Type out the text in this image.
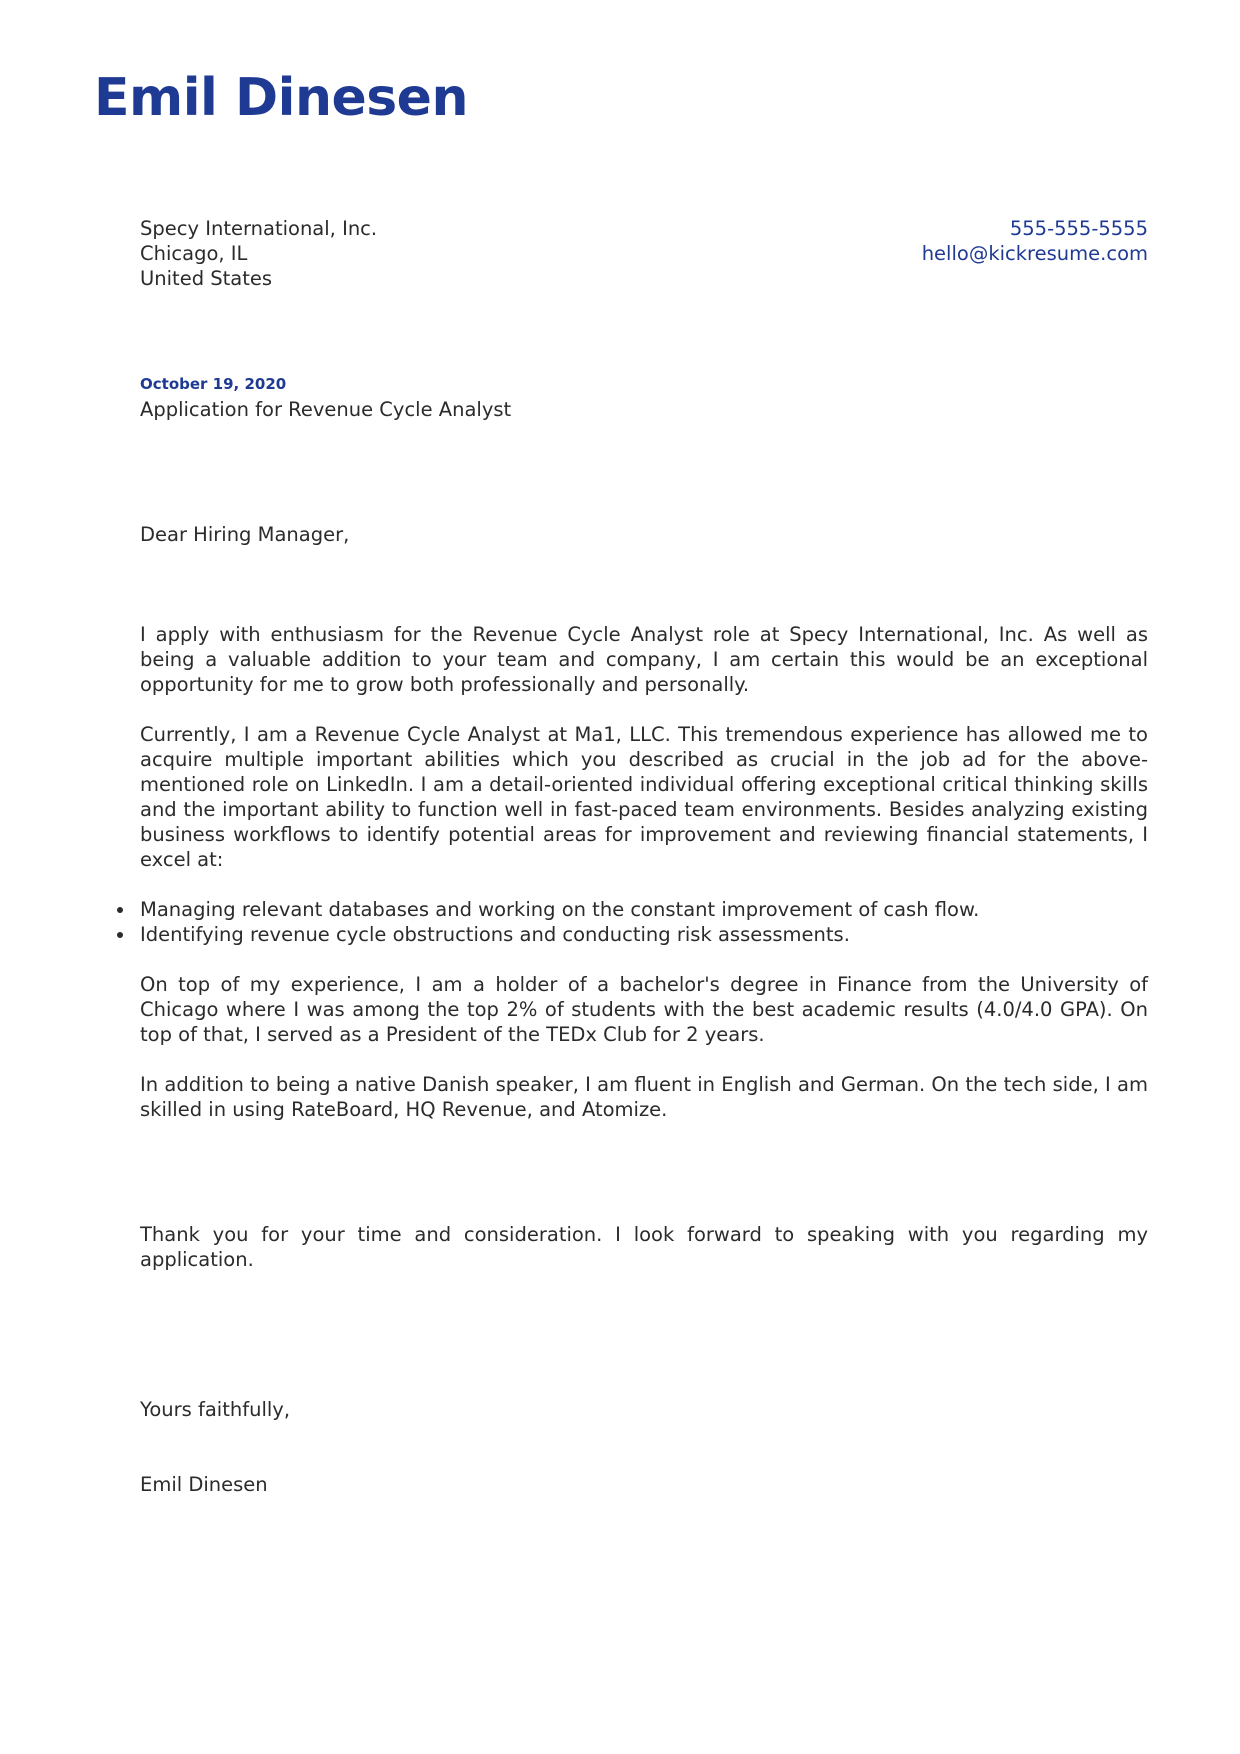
Emil Dinesen
Specy International, Inc.
Chicago, IL
United States
555-555-5555
hello@kickresume.com
October 19, 2020
Application for Revenue Cycle Analyst
Dear Hiring Manager,

I apply with enthusiasm for the Revenue Cycle Analyst role at Specy International, Inc. As well as being a valuable addition to your team and company, I am certain this would be an exceptional opportunity for me to grow both professionally and personally.

Currently, I am a Revenue Cycle Analyst at Ma1, LLC. This tremendous experience has allowed me to acquire multiple important abilities which you described as crucial in the job ad for the above-mentioned role on LinkedIn. I am a detail-oriented individual offering exceptional critical thinking skills and the important ability to function well in fast-paced team environments. Besides analyzing existing business workflows to identify potential areas for improvement and reviewing financial statements, I excel at:

Managing relevant databases and working on the constant improvement of cash flow.
Identifying revenue cycle obstructions and conducting risk assessments.

On top of my experience, I am a holder of a bachelor's degree in Finance from the University of Chicago where I was among the top 2% of students with the best academic results (4.0/4.0 GPA). On top of that, I served as a President of the TEDx Club for 2 years.

In addition to being a native Danish speaker, I am fluent in English and German. On the tech side, I am skilled in using RateBoard, HQ Revenue, and Atomize.

Thank you for your time and consideration. I look forward to speaking with you regarding my application.

Yours faithfully,
Emil Dinesen
